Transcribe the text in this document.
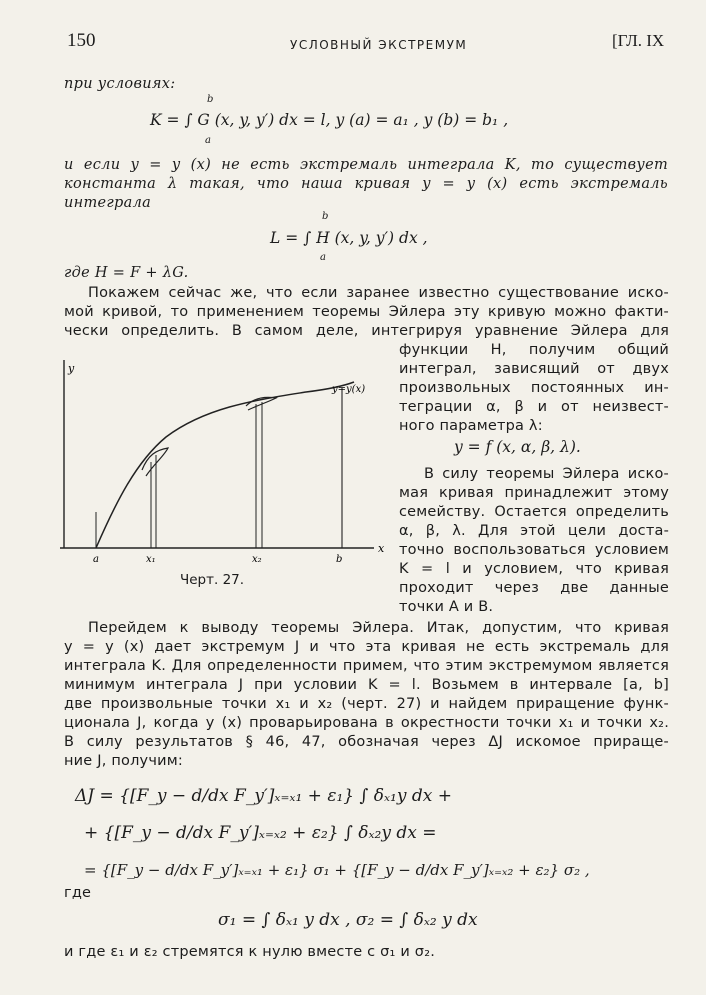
150	УСЛОВНЫЙ ЭКСТРЕМУМ	[ГЛ. IX
при условиях:
b
K = ∫ G (x, y, y′) dx = l, y (a) = a₁ , y (b) = b₁ ,
a
и если y = y (x) не есть экстремаль интеграла K, то существует
константа λ такая, что наша кривая y = y (x) есть экстремаль
интеграла
b
L = ∫ H (x, y, y′) dx ,
a
где H = F + λG.
Покажем сейчас же, что если заранее известно существование иско-
мой кривой, то применением теоремы Эйлера эту кривую можно факти-
чески определить. В самом деле, интегрируя уравнение Эйлера для
функции H, получим общий
интеграл, зависящий от двух
произвольных постоянных ин-
теграции α, β и от неизвест-
ного параметра λ:
y = f (x, α, β, λ).
В силу теоремы Эйлера иско-
мая кривая принадлежит этому
семейству. Остается определить
α, β, λ. Для этой цели доста-
точно воспользоваться условием
K = l и условием, что кривая
проходит через две данные
точки A и B.
y
y=y(x)
x
a	x₁	x₂	b
Черт. 27.
Перейдем к выводу теоремы Эйлера. Итак, допустим, что кривая
y = y (x) дает экстремум J и что эта кривая не есть экстремаль для
интеграла K. Для определенности примем, что этим экстремумом является
минимум интеграла J при условии K = l. Возьмем в интервале [a, b]
две произвольные точки x₁ и x₂ (черт. 27) и найдем приращение функ-
ционала J, когда y (x) проварьирована в окрестности точки x₁ и точки x₂.
В силу результатов § 46, 47, обозначая через ΔJ искомое прираще-
ние J, получим:
ΔJ = {[F_y − d/dx F_y′]ₓ₌ₓ₁ + ε₁} ∫ δₓ₁y dx +
+ {[F_y − d/dx F_y′]ₓ₌ₓ₂ + ε₂} ∫ δₓ₂y dx =
= {[F_y − d/dx F_y′]ₓ₌ₓ₁ + ε₁} σ₁ + {[F_y − d/dx F_y′]ₓ₌ₓ₂ + ε₂} σ₂ ,
где
σ₁ = ∫ δₓ₁ y dx , σ₂ = ∫ δₓ₂ y dx
и где ε₁ и ε₂ стремятся к нулю вместе с σ₁ и σ₂.
